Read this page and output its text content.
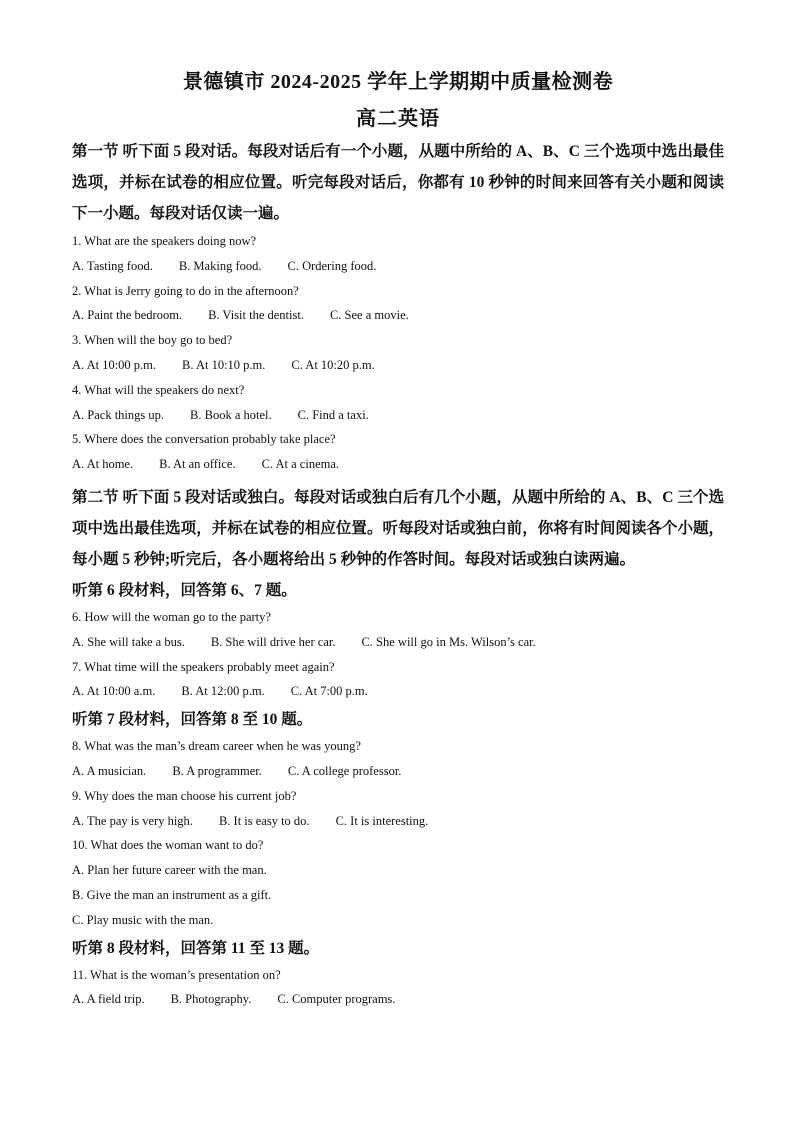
景德镇市 2024-2025 学年上学期期中质量检测卷
高二英语
第一节 听下面 5 段对话。每段对话后有一个小题，从题中所给的 A、B、C 三个选项中选出最佳选项，并标在试卷的相应位置。听完每段对话后，你都有 10 秒钟的时间来回答有关小题和阅读下一小题。每段对话仅读一遍。

1. What are the speakers doing now?

A. Tasting food. B. Making food. C. Ordering food.

2. What is Jerry going to do in the afternoon?

A. Paint the bedroom. B. Visit the dentist. C. See a movie.

3. When will the boy go to bed?

A. At 10:00 p.m. B. At 10:10 p.m. C. At 10:20 p.m.

4. What will the speakers do next?

A. Pack things up. B. Book a hotel. C. Find a taxi.

5. Where does the conversation probably take place?

A. At home. B. At an office. C. At a cinema.

第二节 听下面 5 段对话或独白。每段对话或独白后有几个小题，从题中所给的 A、B、C 三个选项中选出最佳选项，并标在试卷的相应位置。听每段对话或独白前，你将有时间阅读各个小题，每小题 5 秒钟;听完后，各小题将给出 5 秒钟的作答时间。每段对话或独白读两遍。
听第 6 段材料，回答第 6、7 题。

6. How will the woman go to the party?

A. She will take a bus. B. She will drive her car. C. She will go in Ms. Wilson’s car.

7. What time will the speakers probably meet again?

A. At 10:00 a.m. B. At 12:00 p.m. C. At 7:00 p.m.

听第 7 段材料，回答第 8 至 10 题。

8. What was the man’s dream career when he was young?

A. A musician. B. A programmer. C. A college professor.

9. Why does the man choose his current job?

A. The pay is very high. B. It is easy to do. C. It is interesting.

10. What does the woman want to do?

A. Plan her future career with the man.

B. Give the man an instrument as a gift.

C. Play music with the man.

听第 8 段材料，回答第 11 至 13 题。

11. What is the woman’s presentation on?

A. A field trip. B. Photography. C. Computer programs.
